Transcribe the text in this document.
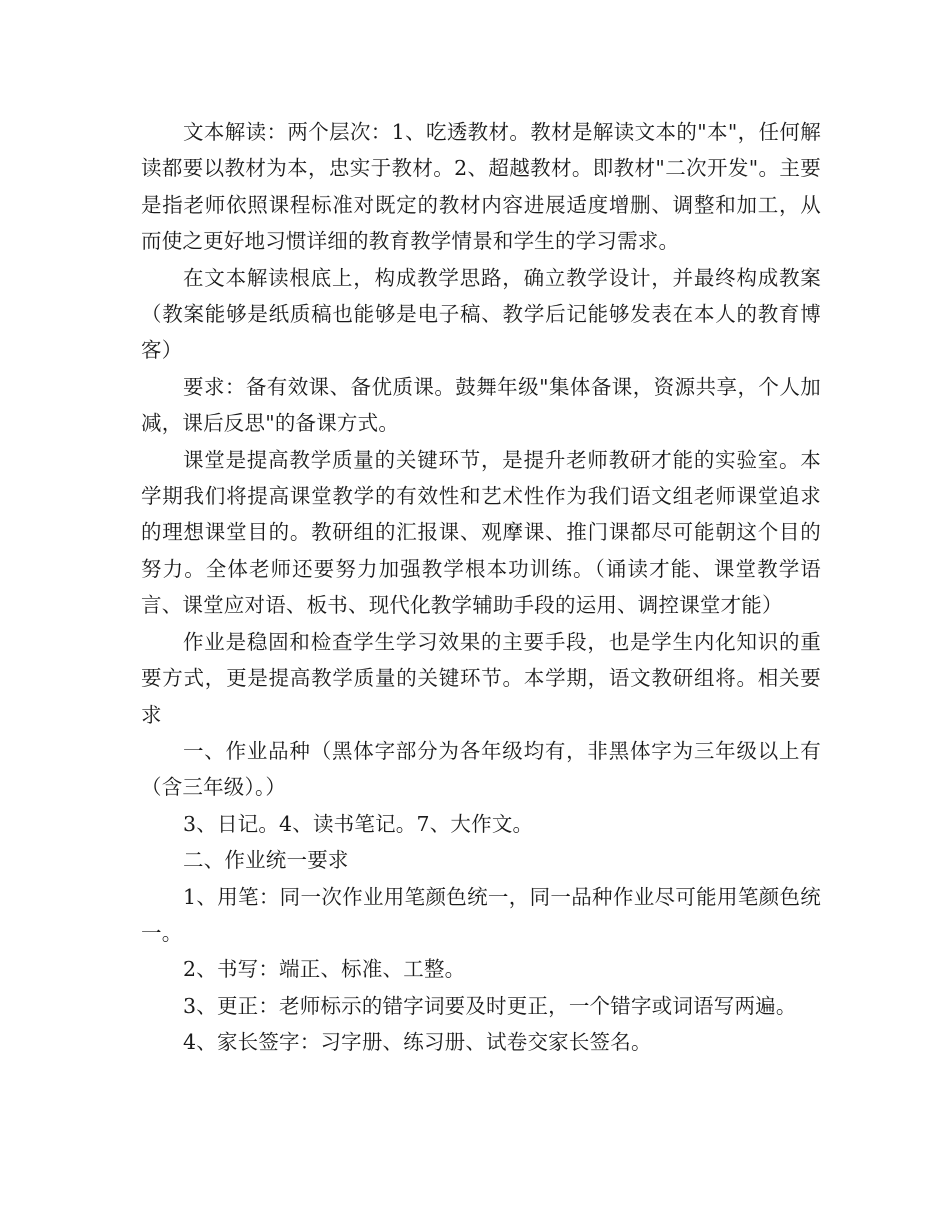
文本解读：两个层次：1、吃透教材。教材是解读文本的"本"，任何解读都要以教材为本，忠实于教材。2、超越教材。即教材"二次开发"。主要是指老师依照课程标准对既定的教材内容进展适度增删、调整和加工，从而使之更好地习惯详细的教育教学情景和学生的学习需求。

在文本解读根底上，构成教学思路，确立教学设计，并最终构成教案（教案能够是纸质稿也能够是电子稿、教学后记能够发表在本人的教育博客）

要求：备有效课、备优质课。鼓舞年级"集体备课，资源共享，个人加减，课后反思"的备课方式。

课堂是提高教学质量的关键环节，是提升老师教研才能的实验室。本学期我们将提高课堂教学的有效性和艺术性作为我们语文组老师课堂追求的理想课堂目的。教研组的汇报课、观摩课、推门课都尽可能朝这个目的努力。全体老师还要努力加强教学根本功训练。（诵读才能、课堂教学语言、课堂应对语、板书、现代化教学辅助手段的运用、调控课堂才能）

作业是稳固和检查学生学习效果的主要手段，也是学生内化知识的重要方式，更是提高教学质量的关键环节。本学期，语文教研组将。相关要求

一、作业品种（黑体字部分为各年级均有，非黑体字为三年级以上有（含三年级）。）

3、日记。4、读书笔记。7、大作文。

二、作业统一要求

1、用笔：同一次作业用笔颜色统一，同一品种作业尽可能用笔颜色统一。

2、书写：端正、标准、工整。

3、更正：老师标示的错字词要及时更正，一个错字或词语写两遍。

4、家长签字：习字册、练习册、试卷交家长签名。
